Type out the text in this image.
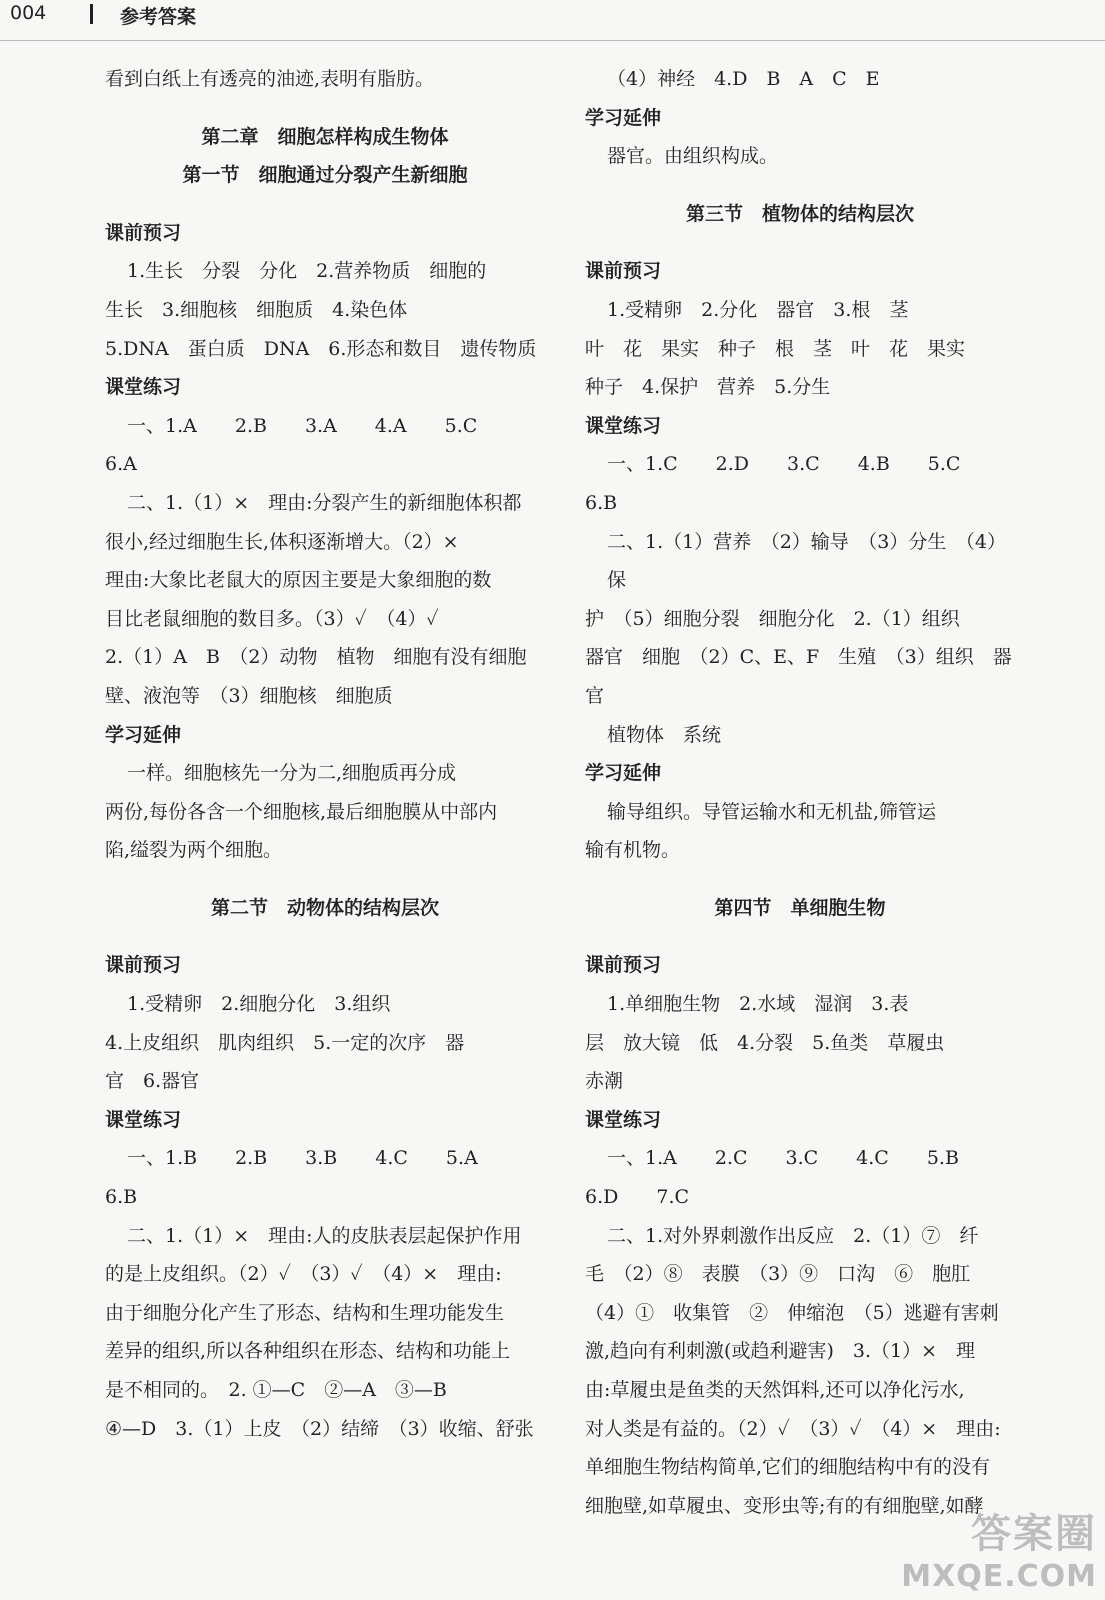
004	参考答案

看到白纸上有透亮的油迹,表明有脂肪。

第二章　细胞怎样构成生物体

第一节　细胞通过分裂产生新细胞

课前预习

1.生长　分裂　分化　2.营养物质　细胞的

生长　3.细胞核　细胞质　4.染色体

5.DNA　蛋白质　DNA　6.形态和数目　遗传物质

课堂练习

一、1.A　　2.B　　3.A　　4.A　　5.C

6.A

二、1.（1）×　理由:分裂产生的新细胞体积都

很小,经过细胞生长,体积逐渐增大。（2）×

理由:大象比老鼠大的原因主要是大象细胞的数

目比老鼠细胞的数目多。（3）✓　（4）✓

2.（1）A　B　（2）动物　植物　细胞有没有细胞

壁、液泡等　（3）细胞核　细胞质

学习延伸

一样。细胞核先一分为二,细胞质再分成

两份,每份各含一个细胞核,最后细胞膜从中部内

陷,缢裂为两个细胞。

第二节　动物体的结构层次

课前预习

1.受精卵　2.细胞分化　3.组织

4.上皮组织　肌肉组织　5.一定的次序　器

官　6.器官

课堂练习

一、1.B　　2.B　　3.B　　4.C　　5.A

6.B

二、1.（1）×　理由:人的皮肤表层起保护作用

的是上皮组织。（2）✓　（3）✓　（4）×　理由:

由于细胞分化产生了形态、结构和生理功能发生

差异的组织,所以各种组织在形态、结构和功能上

是不相同的。　2. ①—C　②—A　③—B

④—D　3.（1）上皮　（2）结缔　（3）收缩、舒张

（4）神经　4.D　B　A　C　E

学习延伸

器官。由组织构成。

第三节　植物体的结构层次

课前预习

1.受精卵　2.分化　器官　3.根　茎

叶　花　果实　种子　根　茎　叶　花　果实

种子　4.保护　营养　5.分生

课堂练习

一、1.C　　2.D　　3.C　　4.B　　5.C

6.B

二、1.（1）营养　（2）输导　（3）分生　（4）保

护　（5）细胞分裂　细胞分化　2.（1）组织

器官　细胞　（2）C、E、F　生殖　（3）组织　器官

植物体　系统

学习延伸

输导组织。导管运输水和无机盐,筛管运

输有机物。

第四节　单细胞生物

课前预习

1.单细胞生物　2.水域　湿润　3.表

层　放大镜　低　4.分裂　5.鱼类　草履虫

赤潮

课堂练习

一、1.A　　2.C　　3.C　　4.C　　5.B

6.D　　7.C

二、1.对外界刺激作出反应　2.（1）⑦　纤

毛　（2）⑧　表膜　（3）⑨　口沟　⑥　胞肛

（4）①　收集管　②　伸缩泡　（5）逃避有害刺

激,趋向有利刺激(或趋利避害)　3.（1）×　理

由:草履虫是鱼类的天然饵料,还可以净化污水,

对人类是有益的。（2）✓　（3）✓　（4）×　理由:

单细胞生物结构简单,它们的细胞结构中有的没有

细胞壁,如草履虫、变形虫等;有的有细胞壁,如酵

答案圈
MXQE.COM
